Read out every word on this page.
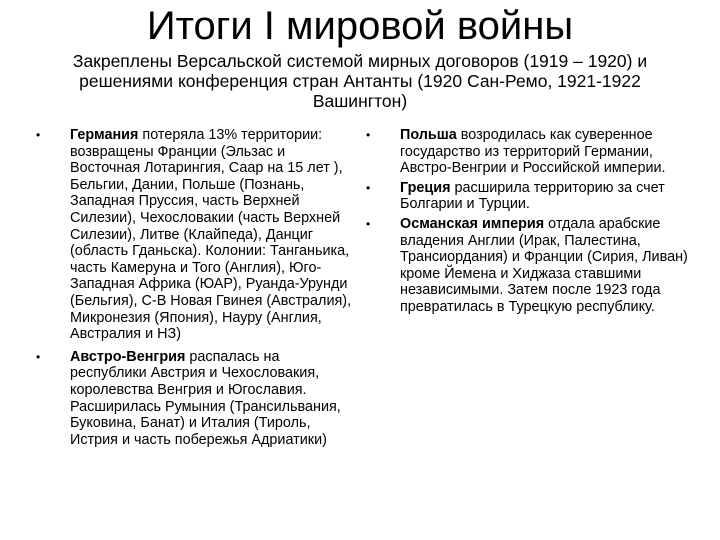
Итоги I мировой войны
Закреплены Версальской системой мирных договоров (1919 – 1920) и решениями конференция стран Антанты (1920 Сан-Ремо, 1921-1922 Вашингтон)
• Германия потеряла 13% территории: возвращены Франции (Эльзас и Восточная Лотарингия, Саар на 15 лет ), Бельгии, Дании, Польше (Познань, Западная Пруссия, часть Верхней Силезии), Чехословакии (часть Верхней Силезии), Литве (Клайпеда), Данциг (область Гданьска). Колонии: Танганьика, часть Камеруна и Того (Англия), Юго-Западная Африка (ЮАР), Руанда-Урунди (Бельгия), С-В Новая Гвинея (Австралия), Микронезия (Япония), Науру (Англия, Австралия и НЗ)
• Австро-Венгрия распалась на республики Австрия и Чехословакия, королевства Венгрия и Югославия. Расширилась Румыния (Трансильвания, Буковина, Банат) и Италия (Тироль, Истрия и часть побережья Адриатики)
• Польша возродилась как суверенное государство из территорий Германии, Австро-Венгрии и Российской империи.
• Греция расширила территорию за счет Болгарии и Турции.
• Османская империя отдала арабские владения Англии (Ирак, Палестина, Трансиордания) и Франции (Сирия, Ливан) кроме Йемена и Хиджаза ставшими независимыми. Затем после 1923 года превратилась в Турецкую республику.
